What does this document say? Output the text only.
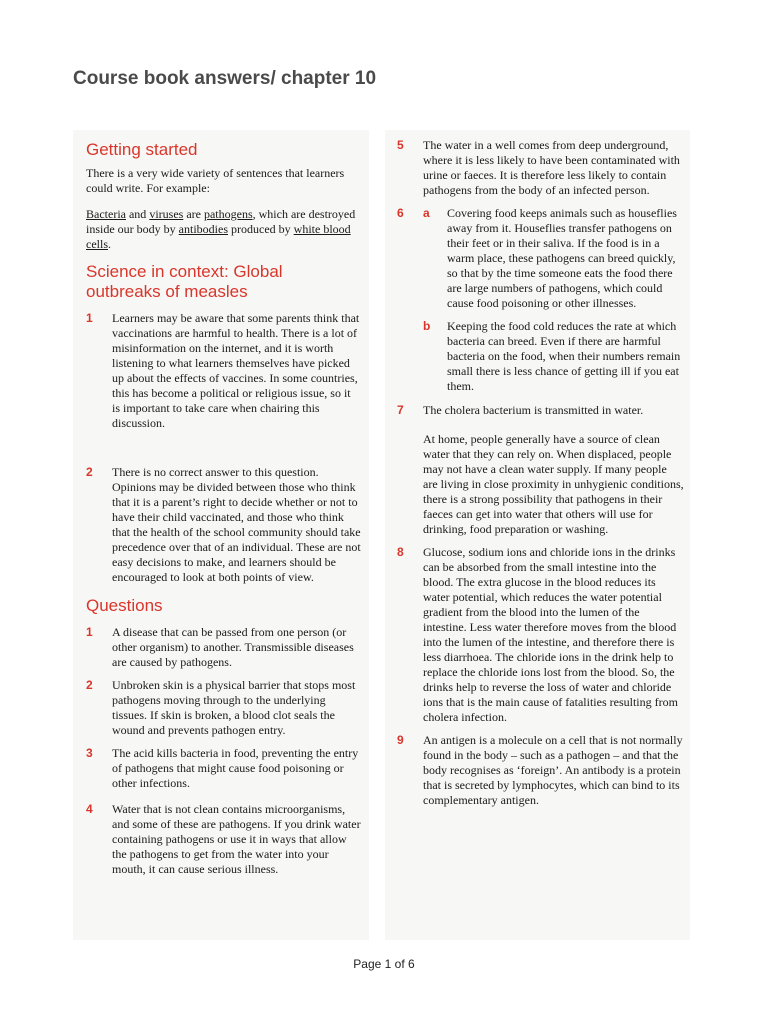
Course book answers/ chapter 10
Getting started

There is a very wide variety of sentences that learners could write. For example:

Bacteria and viruses are pathogens, which are destroyed inside our body by antibodies produced by white blood cells.

Science in context: Global outbreaks of measles
1	Learners may be aware that some parents think that vaccinations are harmful to health. There is a lot of misinformation on the internet, and it is worth listening to what learners themselves have picked up about the effects of vaccines. In some countries, this has become a political or religious issue, so it is important to take care when chairing this discussion.

2	There is no correct answer to this question. Opinions may be divided between those who think that it is a parent’s right to decide whether or not to have their child vaccinated, and those who think that the health of the school community should take precedence over that of an individual. These are not easy decisions to make, and learners should be encouraged to look at both points of view.

Questions
1	A disease that can be passed from one person (or other organism) to another. Transmissible diseases are caused by pathogens.

2	Unbroken skin is a physical barrier that stops most pathogens moving through to the underlying tissues. If skin is broken, a blood clot seals the wound and prevents pathogen entry.

3	The acid kills bacteria in food, preventing the entry of pathogens that might cause food poisoning or other infections.

4	Water that is not clean contains microorganisms, and some of these are pathogens. If you drink water containing pathogens or use it in ways that allow the pathogens to get from the water into your mouth, it can cause serious illness.

5	The water in a well comes from deep underground, where it is less likely to have been contaminated with urine or faeces. It is therefore less likely to contain pathogens from the body of an infected person.

6	a	Covering food keeps animals such as houseflies away from it. Houseflies transfer pathogens on their feet or in their saliva. If the food is in a warm place, these pathogens can breed quickly, so that by the time someone eats the food there are large numbers of pathogens, which could cause food poisoning or other illnesses.

b	Keeping the food cold reduces the rate at which bacteria can breed. Even if there are harmful bacteria on the food, when their numbers remain small there is less chance of getting ill if you eat them.

7	The cholera bacterium is transmitted in water.

At home, people generally have a source of clean water that they can rely on. When displaced, people may not have a clean water supply. If many people are living in close proximity in unhygienic conditions, there is a strong possibility that pathogens in their faeces can get into water that others will use for drinking, food preparation or washing.

8	Glucose, sodium ions and chloride ions in the drinks can be absorbed from the small intestine into the blood. The extra glucose in the blood reduces its water potential, which reduces the water potential gradient from the blood into the lumen of the intestine. Less water therefore moves from the blood into the lumen of the intestine, and therefore there is less diarrhoea. The chloride ions in the drink help to replace the chloride ions lost from the blood. So, the drinks help to reverse the loss of water and chloride ions that is the main cause of fatalities resulting from cholera infection.

9	An antigen is a molecule on a cell that is not normally found in the body – such as a pathogen – and that the body recognises as ‘foreign’. An antibody is a protein that is secreted by lymphocytes, which can bind to its complementary antigen.

Page 1 of 6
